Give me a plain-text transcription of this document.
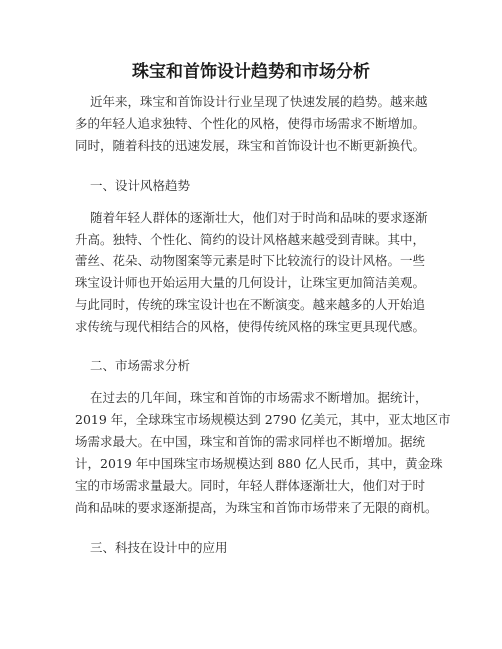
珠宝和首饰设计趋势和市场分析
近年来，珠宝和首饰设计行业呈现了快速发展的趋势。越来越
多的年轻人追求独特、个性化的风格，使得市场需求不断增加。
同时，随着科技的迅速发展，珠宝和首饰设计也不断更新换代。
一、设计风格趋势
随着年轻人群体的逐渐壮大，他们对于时尚和品味的要求逐渐
升高。独特、个性化、简约的设计风格越来越受到青睐。其中，
蕾丝、花朵、动物图案等元素是时下比较流行的设计风格。一些
珠宝设计师也开始运用大量的几何设计，让珠宝更加简洁美观。
与此同时，传统的珠宝设计也在不断演变。越来越多的人开始追
求传统与现代相结合的风格，使得传统风格的珠宝更具现代感。
二、市场需求分析
在过去的几年间，珠宝和首饰的市场需求不断增加。据统计，
2019 年，全球珠宝市场规模达到 2790 亿美元，其中，亚太地区市
场需求最大。在中国，珠宝和首饰的需求同样也不断增加。据统
计，2019 年中国珠宝市场规模达到 880 亿人民币，其中，黄金珠
宝的市场需求量最大。同时，年轻人群体逐渐壮大，他们对于时
尚和品味的要求逐渐提高，为珠宝和首饰市场带来了无限的商机。
三、科技在设计中的应用
